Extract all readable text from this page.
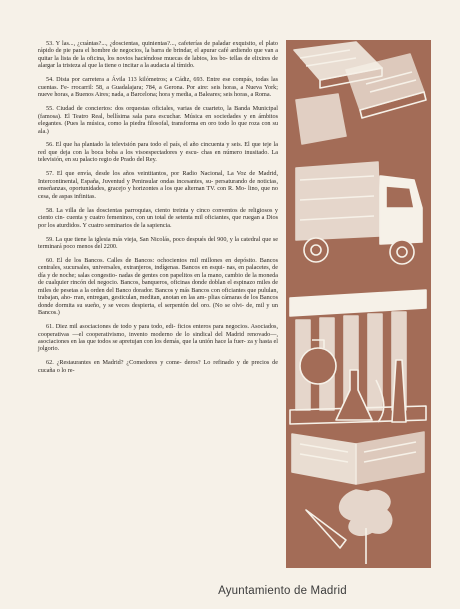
53. Y las..., ¿cuántas?..., ¿doscientas, quinientas?..., cafeterías de paladar exquisito, el plato rápido de pie para el hombre de negocios, la barra de brindar, el apurar café ardiendo que van a quitar la lista de la oficina, los novios haciéndose muecas de labios, los bo- tellas de elixires de alargar la tristeza al que la tiene o incitar a la audacia al tímido.

54. Dista por carretera a Ávila 113 kilómetros; a Cádiz, 693. Entre ese compás, todas las cuentas. Fe- rrocarril: 58, a Guadalajara; 784, a Gerona. Por aire: seis horas, a Nueva York; nueve horas, a Buenos Aires; nada, a Barcelona; hora y media, a Baleares; seis horas, a Roma.

55. Ciudad de conciertos: dos orquestas oficiales, varias de cuarteto, la Banda Municipal (famosa). El Teatro Real, bellísima sala para escuchar. Música en sociedades y en ámbitos elegantes. (Pues la música, como la piedra filosofal, transforma en oro todo lo que roza con su ala.)

56. El que ha plantado la televisión para todo el país, el año cincuenta y seis. El que teje la red que deja con la boca boba a los visoespectadores y escu- chas en número inusitado. La televisión, en su palacio regio de Prado del Rey.

57. El que envía, desde los años veintitantos, por Radio Nacional, La Voz de Madrid, Intercontinental, España, Juventud y Peninsular ondas incesantes, su- persaturando de noticias, enseñanzas, oportunidades, gracejo y horizontes a los que alternan TV. con R. Mo- lino, que no cesa, de aspas infinitas.

58. La villa de las doscientas parroquias, ciento treinta y cinco conventos de religiosos y ciento cin- cuenta y cuatro femeninos, con un total de setenta mil oficiantes, que ruegan a Dios por los aturdidos. Y cuatro seminarios de la sapiencia.

59. La que tiene la iglesia más vieja, San Nicolás, poco después del 900, y la catedral que se terminará poco menos del 2200.

60. El de los Bancos. Calles de Bancos: ochocientos mil millones en depósito. Bancos centrales, sucursales, universales, extranjeros, indígenas. Bancos en esqui- nas, en palacetes, de día y de noche; salas congestio- nadas de gentes con papelitos en la mano, cambio de la moneda de cualquier rincón del negocio. Bancos, banqueros, oficinas donde doblan el espinazo miles de miles de pesetas a la orden del Banco dorador. Bancos y más Bancos con oficiantes que pululan, trabajan, aho- rran, entregan, gesticulan, meditan, anotan en las am- plias cámaras de los Bancos donde dormita su sueño, y se veces despierta, el serpentón del oro. (No se olvi- de, mil y un Bancos.)

61. Diez mil asociaciones de todo y para todo, edi- ficios enteros para negocios. Asociados, cooperativas —el cooperativismo, invento moderno de lo sindical del Madrid renovado—, asociaciones en las que todos se apretujan con los demás, que la unión hace la fuer- za y hasta el jolgorio.

62. ¿Restaurantes en Madrid? ¿Comedores y come- deros? Lo refinado y de precios de cucaña o lo re-

Ayuntamiento de Madrid
